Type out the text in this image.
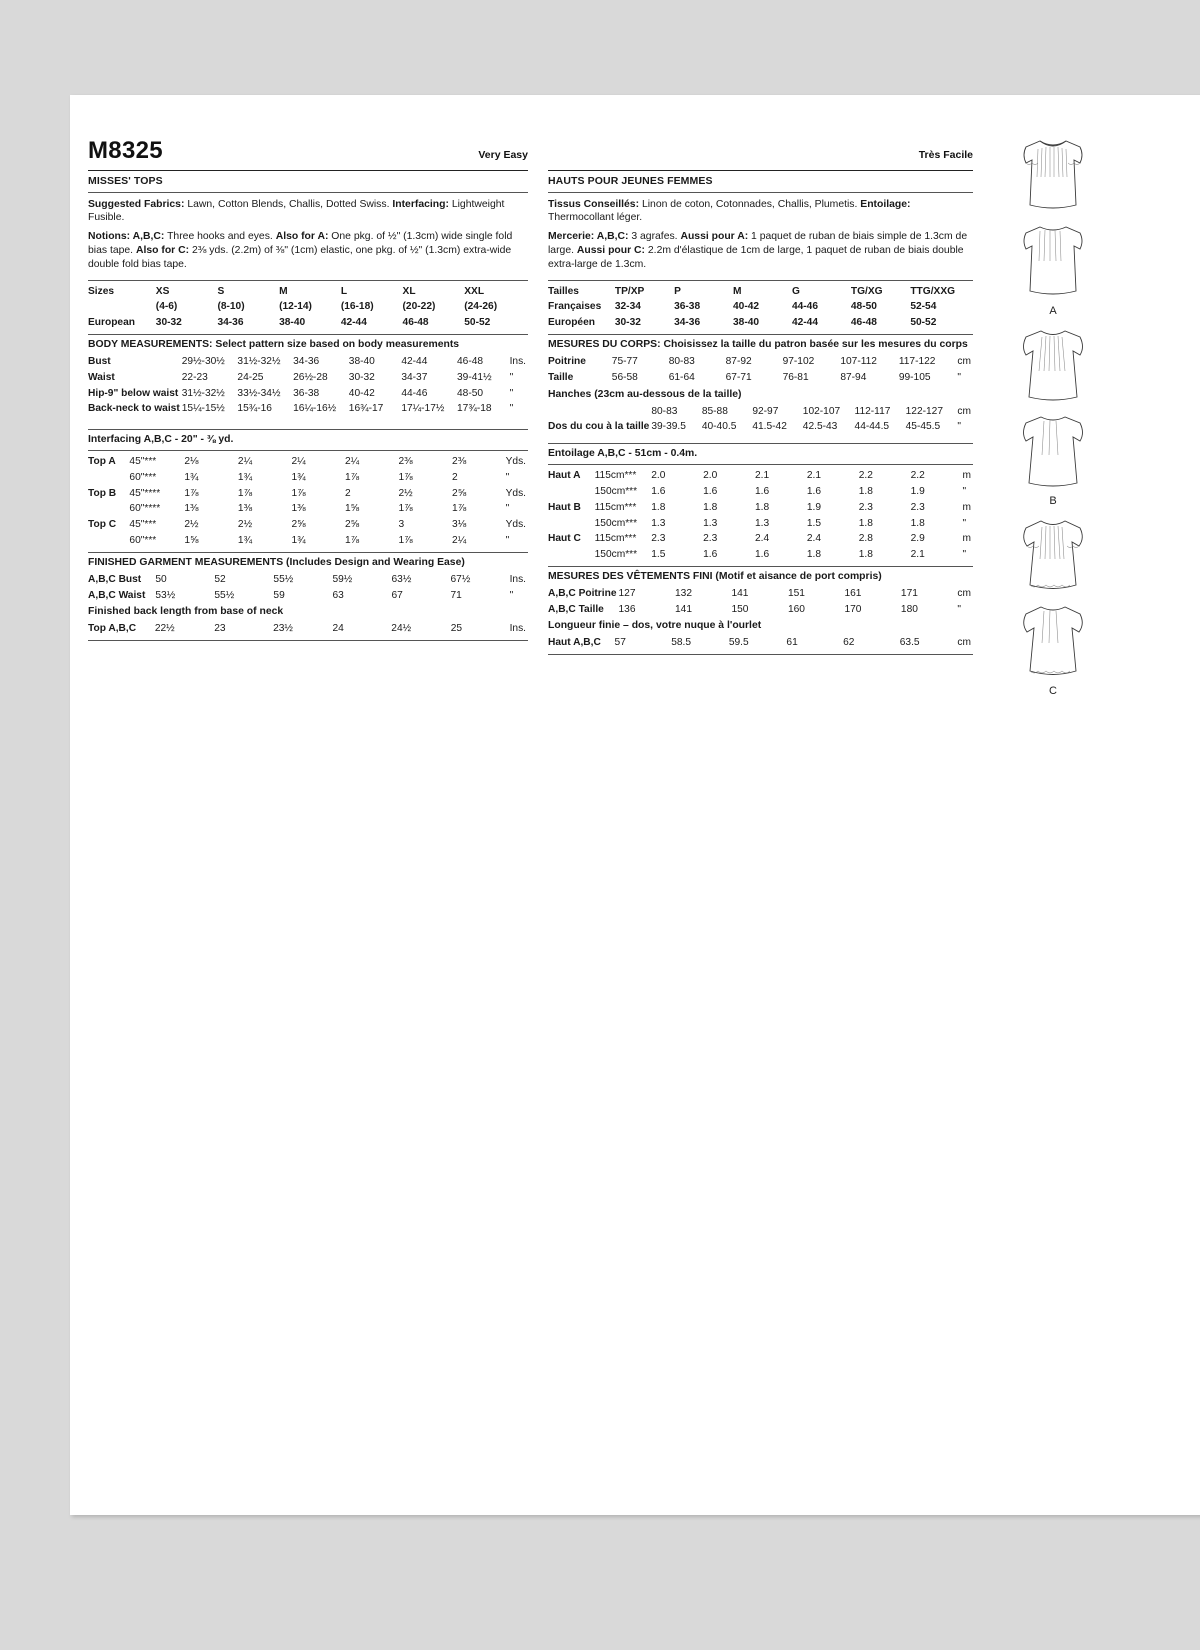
M8325	Very Easy
MISSES' TOPS
Suggested Fabrics: Lawn, Cotton Blends, Challis, Dotted Swiss. Interfacing: Lightweight Fusible.
Notions: A,B,C: Three hooks and eyes. Also for A: One pkg. of ½" (1.3cm) wide single fold bias tape. Also for C: 2⅜ yds. (2.2m) of ⅜" (1cm) elastic, one pkg. of ½" (1.3cm) extra-wide double fold bias tape.
Sizes	XS	S	M	L	XL	XXL	
	(4-6)	(8-10)	(12-14)	(16-18)	(20-22)	(24-26)	
European	30-32	34-36	38-40	42-44	46-48	50-52	
BODY MEASUREMENTS: Select pattern size based on body measurements
Bust	29½-30½	31½-32½	34-36	38-40	42-44	46-48	Ins.
Waist	22-23	24-25	26½-28	30-32	34-37	39-41½	"
Hip-9" below waist	31½-32½	33½-34½	36-38	40-42	44-46	48-50	"
Back-neck to waist	15¼-15½	15¾-16	16¼-16½	16¾-17	17¼-17½	17¾-18	"
Interfacing A,B,C - 20" - ⅜ yd.
Top A	45"***	2⅛	2¼	2¼	2¼	2⅜	2⅜	Yds.
	60"***	1¾	1¾	1¾	1⅞	1⅞	2	"
Top B	45"****	1⅞	1⅞	1⅞	2	2½	2⅝	Yds.
	60"****	1⅜	1⅜	1⅜	1⅝	1⅞	1⅞	"
Top C	45"***	2½	2½	2⅝	2⅝	3	3⅛	Yds.
	60"***	1⅝	1¾	1¾	1⅞	1⅞	2¼	"
FINISHED GARMENT MEASUREMENTS (Includes Design and Wearing Ease)
A,B,C Bust	50	52	55½	59½	63½	67½	Ins.
A,B,C Waist	53½	55½	59	63	67	71	"
Finished back length from base of neck
Top A,B,C	22½	23	23½	24	24½	25	Ins.
Très Facile
HAUTS POUR JEUNES FEMMES
Tissus Conseillés: Linon de coton, Cotonnades, Challis, Plumetis. Entoilage: Thermocollant léger.
Mercerie: A,B,C: 3 agrafes. Aussi pour A: 1 paquet de ruban de biais simple de 1.3cm de large. Aussi pour C: 2.2m d'élastique de 1cm de large, 1 paquet de ruban de biais double extra-large de 1.3cm.
Tailles	TP/XP	P	M	G	TG/XG	TTG/XXG	
Françaises	32-34	36-38	40-42	44-46	48-50	52-54	
Européen	30-32	34-36	38-40	42-44	46-48	50-52	
MESURES DU CORPS: Choisissez la taille du patron basée sur les mesures du corps
Poitrine	75-77	80-83	87-92	97-102	107-112	117-122	cm
Taille	56-58	61-64	67-71	76-81	87-94	99-105	"
Hanches (23cm au-dessous de la taille)
	80-83	85-88	92-97	102-107	112-117	122-127	cm
Dos du cou à la taille	39-39.5	40-40.5	41.5-42	42.5-43	44-44.5	45-45.5	"
Entoilage A,B,C - 51cm - 0.4m.
Haut A	115cm***	2.0	2.0	2.1	2.1	2.2	2.2	m
	150cm***	1.6	1.6	1.6	1.6	1.8	1.9	"
Haut B	115cm***	1.8	1.8	1.8	1.9	2.3	2.3	m
	150cm***	1.3	1.3	1.3	1.5	1.8	1.8	"
Haut C	115cm***	2.3	2.3	2.4	2.4	2.8	2.9	m
	150cm***	1.5	1.6	1.6	1.8	1.8	2.1	"
MESURES DES VÊTEMENTS FINI (Motif et aisance de port compris)
A,B,C Poitrine	127	132	141	151	161	171	cm
A,B,C Taille	136	141	150	160	170	180	"
Longueur finie – dos, votre nuque à l'ourlet
Haut A,B,C	57	58.5	59.5	61	62	63.5	cm
A
B
C
